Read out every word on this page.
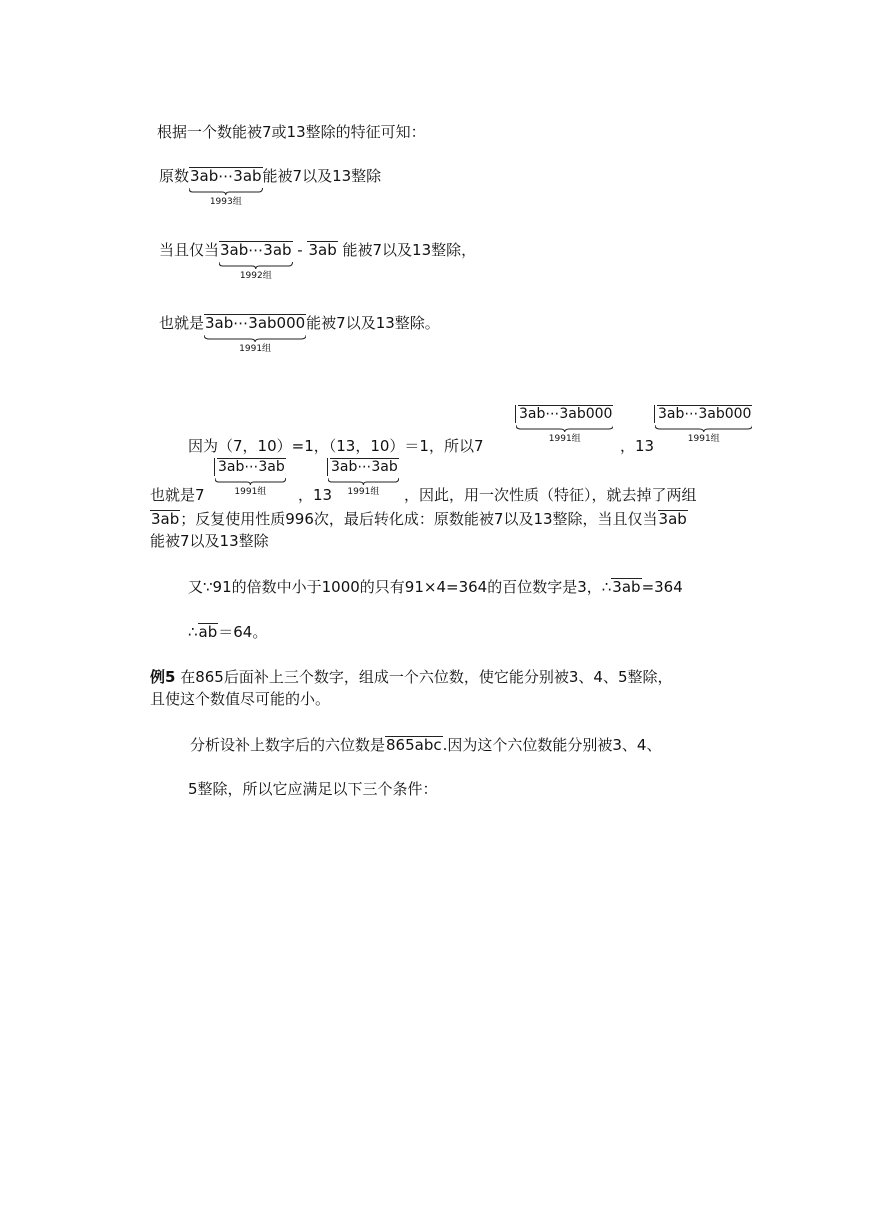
根据一个数能被7或13整除的特征可知：
原数3ab⋯3ab
1993组
能被7以及13整除
当且仅当3ab⋯3ab
1992组
- 3ab 能被7以及13整除，
也就是3ab⋯3ab000
1991组
能被7以及13整除。
3ab⋯3ab000
1991组
3ab⋯3ab000
1991组
因为（7，10）=1，（13，10）＝1，所以7	，13
3ab⋯3ab
1991组
3ab⋯3ab
1991组
也就是7	，13	，因此，用一次性质（特征），就去掉了两组
3ab；反复使用性质996次，最后转化成：原数能被7以及13整除，当且仅当3ab
能被7以及13整除
又∵91的倍数中小于1000的只有91×4=364的百位数字是3，∴3ab=364
∴ab＝64。
例5 在865后面补上三个数字，组成一个六位数，使它能分别被3、4、5整除，
且使这个数值尽可能的小。
分析设补上数字后的六位数是865abc.因为这个六位数能分别被3、4、
5整除，所以它应满足以下三个条件：
